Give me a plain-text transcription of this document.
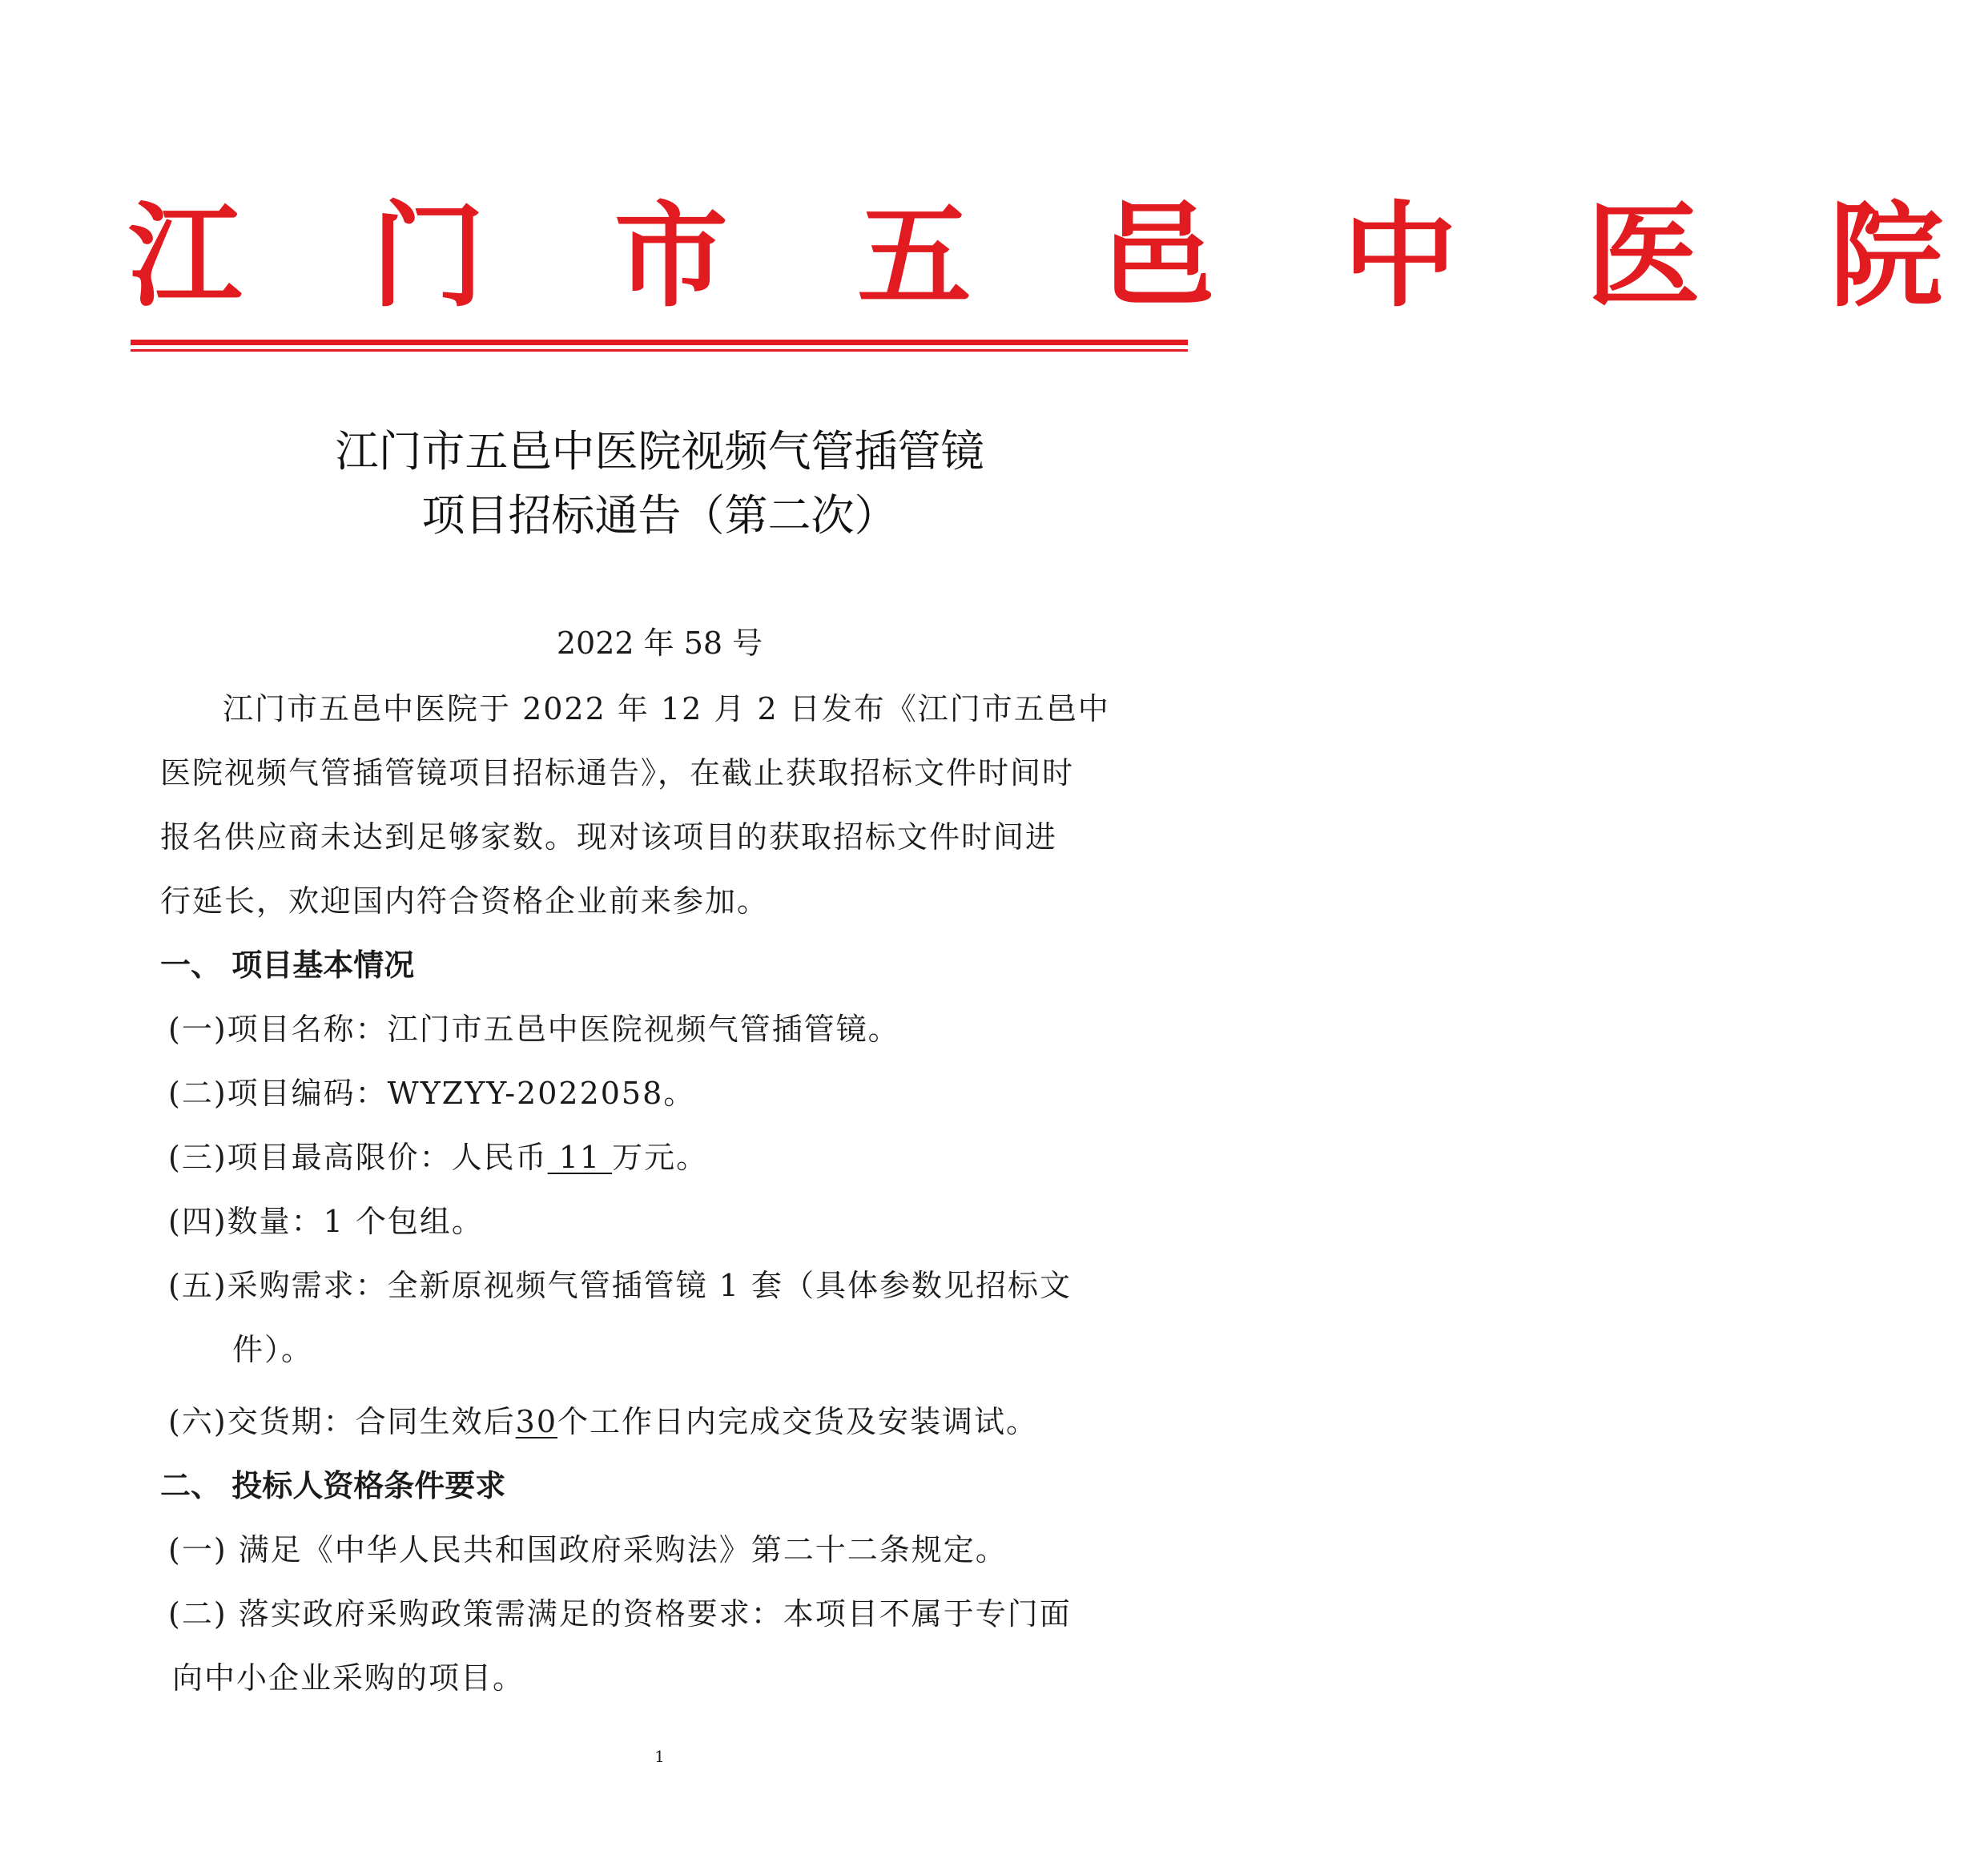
江 门 市 五 邑 中 医 院
江门市五邑中医院视频气管插管镜
项目招标通告（第二次）
2022 年 58 号
江门市五邑中医院于 2022 年 12 月 2 日发布《江门市五邑中
医院视频气管插管镜项目招标通告》，在截止获取招标文件时间时
报名供应商未达到足够家数。现对该项目的获取招标文件时间进
行延长，欢迎国内符合资格企业前来参加。
一、 项目基本情况
(一)项目名称：江门市五邑中医院视频气管插管镜。
(二)项目编码：WYZYY-2022058。
(三)项目最高限价：人民币 11 万元。
(四)数量：1 个包组。
(五)采购需求：全新原视频气管插管镜 1 套（具体参数见招标文
件）。
(六)交货期：合同生效后30个工作日内完成交货及安装调试。
二、 投标人资格条件要求
(一) 满足《中华人民共和国政府采购法》第二十二条规定。
(二) 落实政府采购政策需满足的资格要求：本项目不属于专门面
向中小企业采购的项目。
1
